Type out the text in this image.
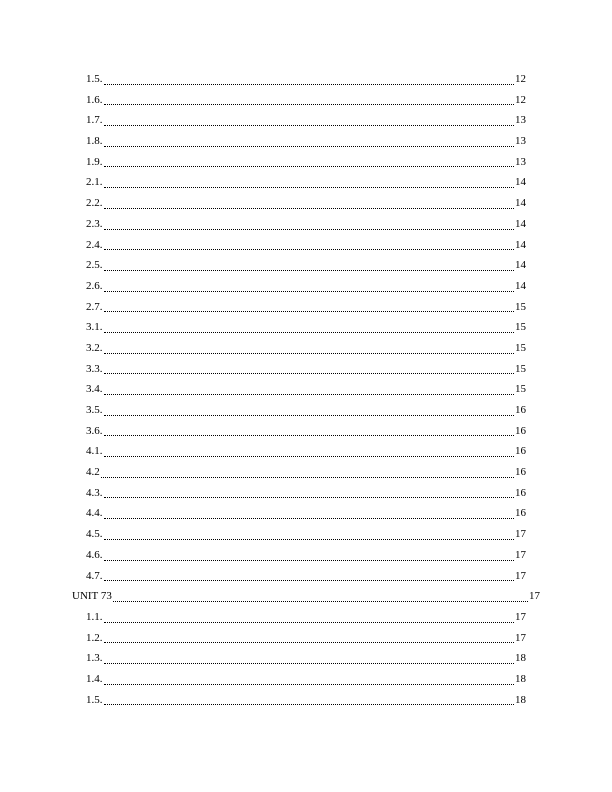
1.5.	12
1.6.	12
1.7.	13
1.8.	13
1.9.	13
2.1.	14
2.2.	14
2.3.	14
2.4.	14
2.5.	14
2.6.	14
2.7.	15
3.1.	15
3.2.	15
3.3.	15
3.4.	15
3.5.	16
3.6.	16
4.1.	16
4.2	16
4.3.	16
4.4.	16
4.5.	17
4.6.	17
4.7.	17
UNIT 73	17
1.1.	17
1.2.	17
1.3.	18
1.4.	18
1.5.	18
